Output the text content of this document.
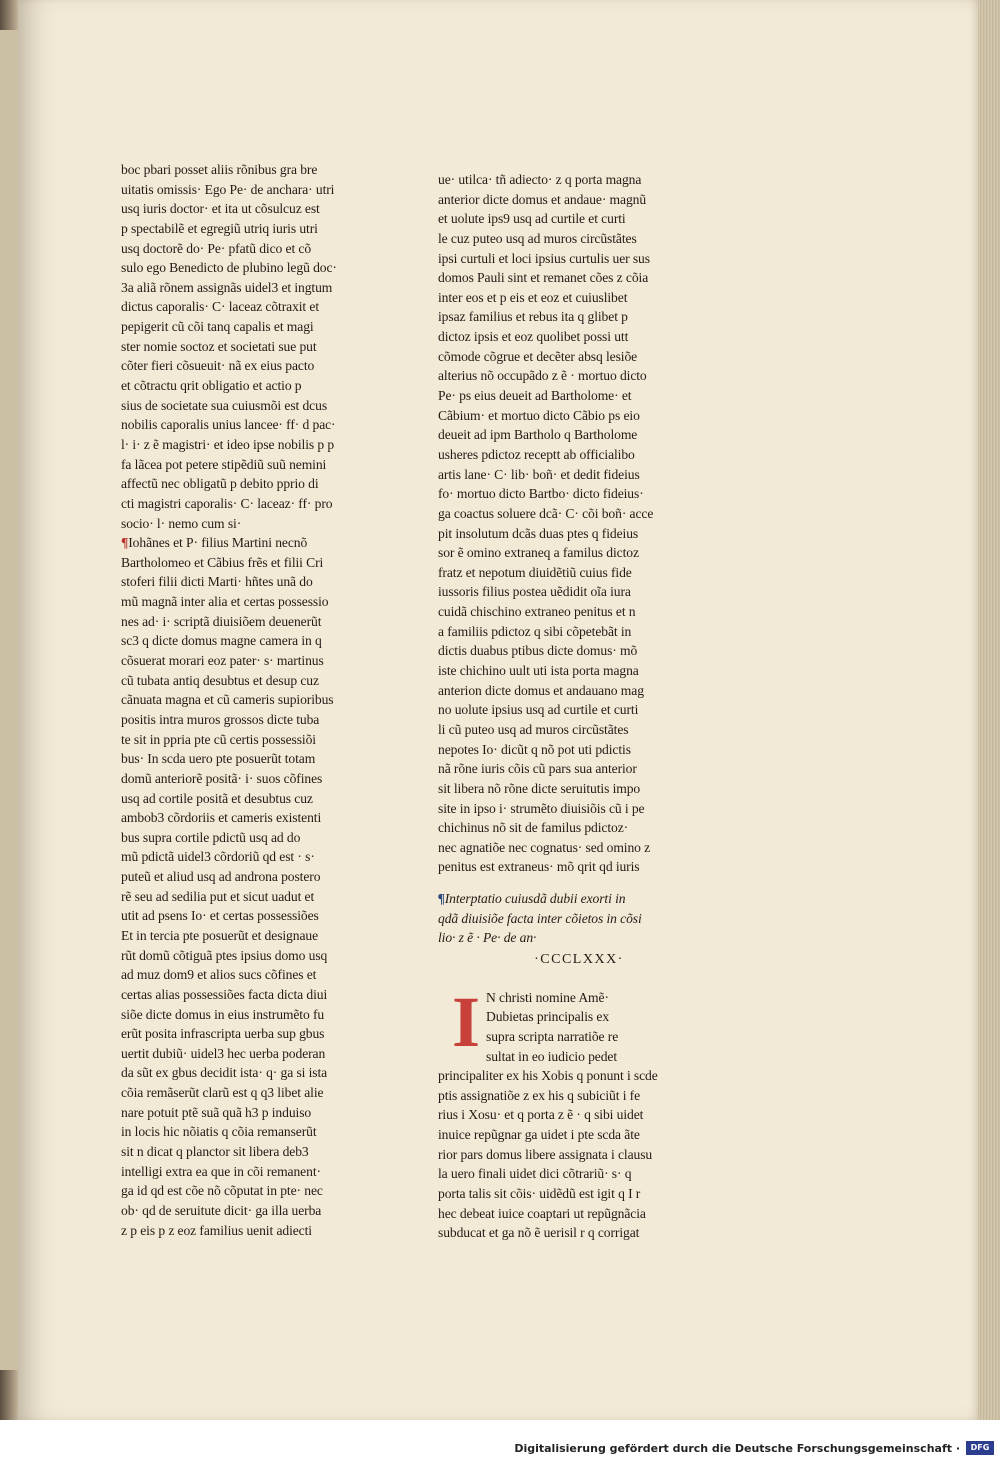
boc pbari posset aliis rõnibus gra bre
uitatis omissis· Ego Pe· de anchara· utri
usq iuris doctor· et ita ut cõsulcuz est
p spectabilẽ et egregiũ utriq iuris utri
usq doctorẽ do· Pe· pfatũ dico et cõ
sulo ego Benedicto de plubino legũ doc·
3a aliã rõnem assignãs uidel3 et ingtum
dictus caporalis· C· laceaz cõtraxit et
pepigerit cũ cõi tanq capalis et magi
ster nomie soctoz et societati sue put
cõter fieri cõsueuit· nã ex eius pacto
et cõtractu qrit obligatio et actio p
sius de societate sua cuiusmõi est dcus
nobilis caporalis unius lancee· ff· d pac·
l· i· z ẽ magistri· et ideo ipse nobilis p p
fa lãcea pot petere stipẽdiũ suũ nemini
affectũ nec obligatũ p debito pprio di
cti magistri caporalis· C· laceaz· ff· pro
socio· l· nemo cum si·
¶Iohãnes et P· filius Martini necnõ
Bartholomeo et Cãbius frẽs et filii Cri
stoferi filii dicti Marti· hñtes unã do
mũ magnã inter alia et certas possessio
nes ad· i· scriptã diuisiõem deuenerũt
sc3 q dicte domus magne camera in q
cõsuerat morari eoz pater· s· martinus
cũ tubata antiq desubtus et desup cuz
cãnuata magna et cũ cameris supioribus
positis intra muros grossos dicte tuba
te sit in ppria pte cũ certis possessiõi
bus· In scda uero pte posuerũt totam
domũ anteriorẽ positã· i· suos cõfines
usq ad cortile positã et desubtus cuz
ambob3 cõrdoriis et cameris existenti
bus supra cortile pdictũ usq ad do
mũ pdictã uidel3 cõrdoriũ qd est · s·
puteũ et aliud usq ad androna postero
rẽ seu ad sedilia put et sicut uadut et
utit ad psens Io· et certas possessiões
Et in tercia pte posuerũt et designaue
rũt domũ cõtiguã ptes ipsius domo usq
ad muz dom9 et alios sucs cõfines et
certas alias possessiões facta dicta diui
siõe dicte domus in eius instrumẽto fu
erũt posita infrascripta uerba sup gbus
uertit dubiũ· uidel3 hec uerba poderan
da sũt ex gbus decidit ista· q· ga si ista
cõia remãserũt clarũ est q q3 libet alie
nare potuit ptẽ suã quã h3 p induiso
in locis hic nõiatis q cõia remanserũt
sit n dicat q planctor sit libera deb3
intelligi extra ea que in cõi remanent·
ga id qd est cõe nõ cõputat in pte· nec
ob· qd de seruitute dicit· ga illa uerba
z p eis p z eoz familius uenit adiecti
ue· utilca· tñ adiecto· z q porta magna
anterior dicte domus et andaue· magnũ
et uolute ips9 usq ad curtile et curti
le cuz puteo usq ad muros circũstãtes
ipsi curtuli et loci ipsius curtulis uer sus
domos Pauli sint et remanet cões z cõia
inter eos et p eis et eoz et cuiuslibet
ipsaz familius et rebus ita q glibet p
dictoz ipsis et eoz quolibet possi utt
cõmode cõgrue et decẽter absq lesiõe
alterius nõ occupãdo z ẽ · mortuo dicto
Pe· ps eius deueit ad Bartholome· et
Cãbium· et mortuo dicto Cãbio ps eio
deueit ad ipm Bartholo q Bartholome
usheres pdictoz receptt ab officialibo
artis lane· C· lib· boñ· et dedit fideius
fo· mortuo dicto Bartbo· dicto fideius·
ga coactus soluere dcã· C· cõi boñ· acce
pit insolutum dcãs duas ptes q fideius
sor ẽ omino extraneq a familus dictoz
fratz et nepotum diuidẽtiũ cuius fide
iussoris filius postea uẽdidit oĩa iura
cuidã chischino extraneo penitus et n
a familiis pdictoz q sibi cõpetebãt in
dictis duabus ptibus dicte domus· mõ
iste chichino uult uti ista porta magna
anterion dicte domus et andauano mag
no uolute ipsius usq ad curtile et curti
li cũ puteo usq ad muros circũstãtes
nepotes Io· dicũt q nõ pot uti pdictis
nã rõne iuris cõis cũ pars sua anterior
sit libera nõ rõne dicte seruitutis impo
site in ipso i· strumẽto diuisiõis cũ i pe
chichinus nõ sit de familus pdictoz·
nec agnatiõe nec cognatus· sed omino z
penitus est extraneus· mõ qrit qd iuris
¶Interptatio cuiusdã dubii exorti in
qdã diuisiõe facta inter cõietos in cõsi
lio· z ẽ · Pe· de an·
·CCCLXXX·
I N christi nomine Amẽ·
Dubietas principalis ex
supra scripta narratiõe re
sultat in eo iudicio pedet
principaliter ex his Xobis q ponunt i scde
ptis assignatiõe z ex his q subiciũt i fe
rius i Xosu· et q porta z ẽ · q sibi uidet
inuice repũgnar ga uidet i pte scda ãte
rior pars domus libere assignata i clausu
la uero finali uidet dici cõtrariũ· s· q
porta talis sit cõis· uidẽdũ est igit q I r
hec debeat iuice coaptari ut repũgnãcia
subducat et ga nõ ẽ uerisil r q corrigat
Digitalisierung gefördert durch die Deutsche Forschungsgemeinschaft ·	DFG
